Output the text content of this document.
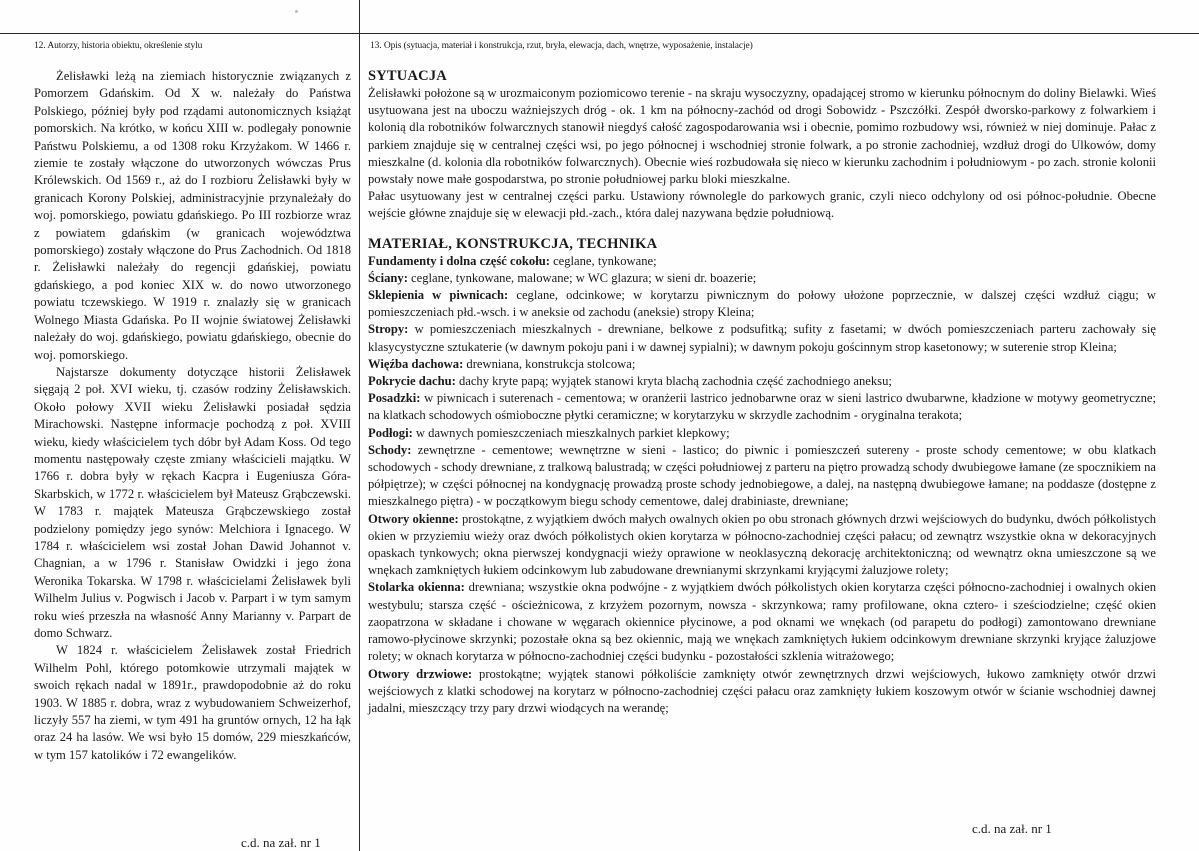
12. Autorzy, historia obiektu, określenie stylu	13. Opis (sytuacja, materiał i konstrukcja, rzut, bryła, elewacja, dach, wnętrze, wyposażenie, instalacje)

Żelisławki leżą na ziemiach historycznie związanych z Pomorzem Gdańskim. Od X w. należały do Państwa Polskiego, później były pod rządami autonomicznych książąt pomorskich. Na krótko, w końcu XIII w. podlegały ponownie Państwu Polskiemu, a od 1308 roku Krzyżakom. W 1466 r. ziemie te zostały włączone do utworzonych wówczas Prus Królewskich. Od 1569 r., aż do I rozbioru Żelisławki były w granicach Korony Polskiej, administracyjnie przynależały do woj. pomorskiego, powiatu gdańskiego. Po III rozbiorze wraz z powiatem gdańskim (w granicach województwa pomorskiego) zostały włączone do Prus Zachodnich. Od 1818 r. Żelisławki należały do regencji gdańskiej, powiatu gdańskiego, a pod koniec XIX w. do nowo utworzonego powiatu tczewskiego. W 1919 r. znalazły się w granicach Wolnego Miasta Gdańska. Po II wojnie światowej Żelisławki należały do woj. gdańskiego, powiatu gdańskiego, obecnie do woj. pomorskiego.

Najstarsze dokumenty dotyczące historii Żelisławek sięgają 2 poł. XVI wieku, tj. czasów rodziny Żelisławskich. Około połowy XVII wieku Żelisławki posiadał sędzia Mirachowski. Następne informacje pochodzą z poł. XVIII wieku, kiedy właścicielem tych dóbr był Adam Koss. Od tego momentu następowały częste zmiany właścicieli majątku. W 1766 r. dobra były w rękach Kacpra i Eugeniusza Góra-Skarbskich, w 1772 r. właścicielem był Mateusz Grąbczewski. W 1783 r. majątek Mateusza Grąbczewskiego został podzielony pomiędzy jego synów: Melchiora i Ignacego. W 1784 r. właścicielem wsi został Johan Dawid Johannot v. Chagnian, a w 1796 r. Stanisław Owidzki i jego żona Weronika Tokarska. W 1798 r. właścicielami Żelisławek byli Wilhelm Julius v. Pogwisch i Jacob v. Parpart i w tym samym roku wieś przeszła na własność Anny Marianny v. Parpart de domo Schwarz.

W 1824 r. właścicielem Żelisławek został Friedrich Wilhelm Pohl, którego potomkowie utrzymali majątek w swoich rękach nadal w 1891r., prawdopodobnie aż do roku 1903. W 1885 r. dobra, wraz z wybudowaniem Schweizerhof, liczyły 557 ha ziemi, w tym 491 ha gruntów ornych, 12 ha łąk oraz 24 ha lasów. We wsi było 15 domów, 229 mieszkańców, w tym 157 katolików i 72 ewangelików.

c.d. na zał. nr 1
SYTUACJA

Żelisławki położone są w urozmaiconym poziomicowo terenie - na skraju wysoczyzny, opadającej stromo w kierunku północnym do doliny Bielawki. Wieś usytuowana jest na uboczu ważniejszych dróg - ok. 1 km na północny-zachód od drogi Sobowidz - Pszczółki. Zespół dworsko-parkowy z folwarkiem i kolonią dla robotników folwarcznych stanowił niegdyś całość zagospodarowania wsi i obecnie, pomimo rozbudowy wsi, również w niej dominuje. Pałac z parkiem znajduje się w centralnej części wsi, po jego północnej i wschodniej stronie folwark, a po stronie zachodniej, wzdłuż drogi do Ulkowów, domy mieszkalne (d. kolonia dla robotników folwarcznych). Obecnie wieś rozbudowała się nieco w kierunku zachodnim i południowym - po zach. stronie kolonii powstały nowe małe gospodarstwa, po stronie południowej parku bloki mieszkalne.

Pałac usytuowany jest w centralnej części parku. Ustawiony równolegle do parkowych granic, czyli nieco odchylony od osi północ-południe. Obecne wejście główne znajduje się w elewacji płd.-zach., która dalej nazywana będzie południową.

MATERIAŁ, KONSTRUKCJA, TECHNIKA

Fundamenty i dolna część cokołu: ceglane, tynkowane;

Ściany: ceglane, tynkowane, malowane; w WC glazura; w sieni dr. boazerie;

Sklepienia w piwnicach: ceglane, odcinkowe; w korytarzu piwnicznym do połowy ułożone poprzecznie, w dalszej części wzdłuż ciągu; w pomieszczeniach płd.-wsch. i w aneksie od zachodu (aneksie) stropy Kleina;

Stropy: w pomieszczeniach mieszkalnych - drewniane, belkowe z podsufitką; sufity z fasetami; w dwóch pomieszczeniach parteru zachowały się klasycystyczne sztukaterie (w dawnym pokoju pani i w dawnej sypialni); w dawnym pokoju gościnnym strop kasetonowy; w suterenie strop Kleina;

Więźba dachowa: drewniana, konstrukcja stolcowa;

Pokrycie dachu: dachy kryte papą; wyjątek stanowi kryta blachą zachodnia część zachodniego aneksu;

Posadzki: w piwnicach i suterenach - cementowa; w oranżerii lastrico jednobarwne oraz w sieni lastrico dwubarwne, kładzione w motywy geometryczne; na klatkach schodowych ośmioboczne płytki ceramiczne; w korytarzyku w skrzydle zachodnim - oryginalna terakota;

Podłogi: w dawnych pomieszczeniach mieszkalnych parkiet klepkowy;

Schody: zewnętrzne - cementowe; wewnętrzne w sieni - lastico; do piwnic i pomieszczeń sutereny - proste schody cementowe; w obu klatkach schodowych - schody drewniane, z tralkową balustradą; w części południowej z parteru na piętro prowadzą schody dwubiegowe łamane (ze spocznikiem na półpiętrze); w części północnej na kondygnację prowadzą proste schody jednobiegowe, a dalej, na następną dwubiegowe łamane; na poddasze (dostępne z mieszkalnego piętra) - w początkowym biegu schody cementowe, dalej drabiniaste, drewniane;

Otwory okienne: prostokątne, z wyjątkiem dwóch małych owalnych okien po obu stronach głównych drzwi wejściowych do budynku, dwóch półkolistych okien w przyziemiu wieży oraz dwóch półkolistych okien korytarza w północno-zachodniej części pałacu; od zewnątrz wszystkie okna w dekoracyjnych opaskach tynkowych; okna pierwszej kondygnacji wieży oprawione w neoklasyczną dekorację architektoniczną; od wewnątrz okna umieszczone są we wnękach zamkniętych łukiem odcinkowym lub zabudowane drewnianymi skrzynkami kryjącymi żaluzjowe rolety;

Stolarka okienna: drewniana; wszystkie okna podwójne - z wyjątkiem dwóch półkolistych okien korytarza części północno-zachodniej i owalnych okien westybulu; starsza część - ościeżnicowa, z krzyżem pozornym, nowsza - skrzynkowa; ramy profilowane, okna cztero- i sześciodzielne; część okien zaopatrzona w składane i chowane w węgarach okiennice płycinowe, a pod oknami we wnękach (od parapetu do podłogi) zamontowano drewniane ramowo-płycinowe skrzynki; pozostałe okna są bez okiennic, mają we wnękach zamkniętych łukiem odcinkowym drewniane skrzynki kryjące żaluzjowe rolety; w oknach korytarza w północno-zachodniej części budynku - pozostałości szklenia witrażowego;

Otwory drzwiowe: prostokątne; wyjątek stanowi półkoliście zamknięty otwór zewnętrznych drzwi wejściowych, łukowo zamknięty otwór drzwi wejściowych z klatki schodowej na korytarz w północno-zachodniej części pałacu oraz zamknięty łukiem koszowym otwór w ścianie wschodniej dawnej jadalni, mieszczący trzy pary drzwi wiodących na werandę;

c.d. na zał. nr 1
